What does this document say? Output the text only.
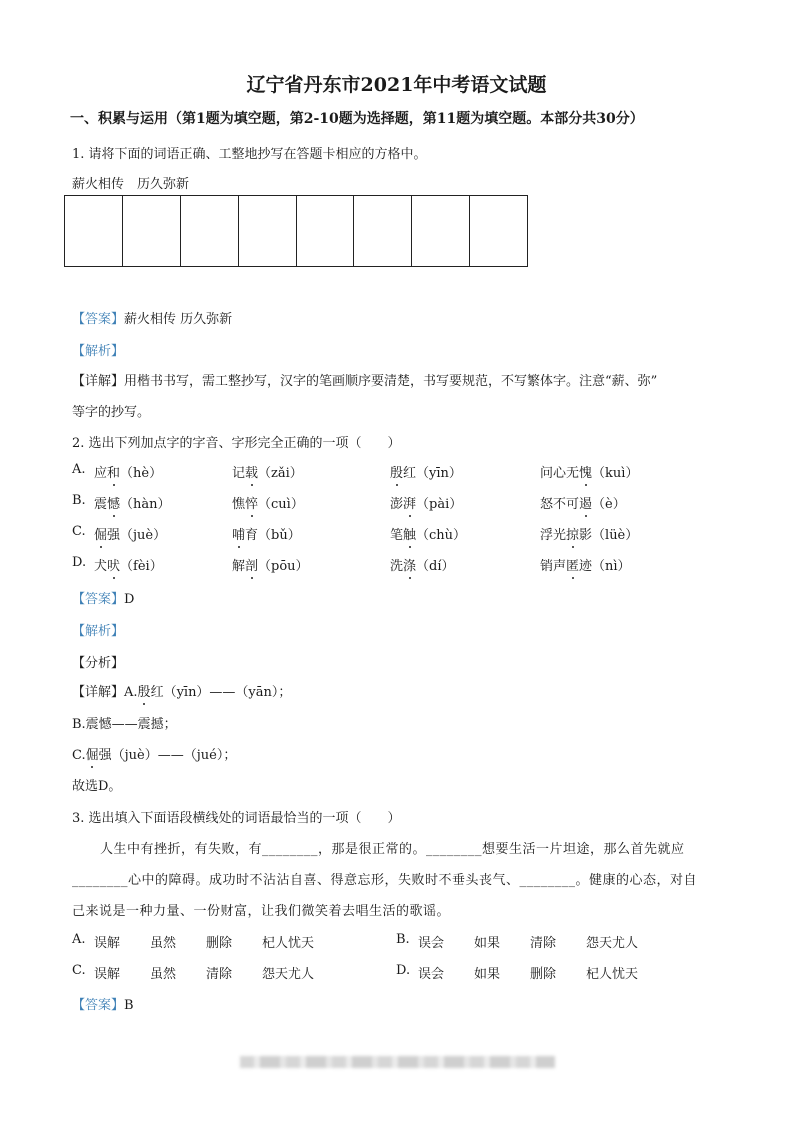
辽宁省丹东市2021年中考语文试题
一、积累与运用（第1题为填空题，第2-10题为选择题，第11题为填空题。本部分共30分）
1. 请将下面的词语正确、工整地抄写在答题卡相应的方格中。
薪火相传　历久弥新
【答案】薪火相传 历久弥新
【解析】
【详解】用楷书书写，需工整抄写，汉字的笔画顺序要清楚，书写要规范，不写繁体字。注意“薪、弥”
等字的抄写。
2. 选出下列加点字的字音、字形完全正确的一项（　　）
A. 应和（hè）	记载（zǎi）	殷红（yīn）	问心无愧（kuì）
B. 震憾（hàn）	憔悴（cuì）	澎湃（pài）	怒不可遏（è）
C. 倔强（juè）	哺育（bǔ）	笔触（chù）	浮光掠影（lüè）
D. 犬吠（fèi）	解剖（pōu）	洗涤（dí）	销声匿迹（nì）
【答案】D
【解析】
【分析】
【详解】A.殷红（yīn）——（yān）；
B.震憾——震撼；
C.倔强（juè）——（jué）；
故选D。
3. 选出填入下面语段横线处的词语最恰当的一项（　　）
人生中有挫折，有失败，有________，那是很正常的。________想要生活一片坦途，那么首先就应
________心中的障碍。成功时不沾沾自喜、得意忘形，失败时不垂头丧气、________。健康的心态，对自
己来说是一种力量、一份财富，让我们微笑着去唱生活的歌谣。
A. 误解 虽然 删除 杞人忧天	B. 误会 如果 清除 怨天尤人
C. 误解 虽然 清除 怨天尤人	D. 误会 如果 删除 杞人忧天
【答案】B
